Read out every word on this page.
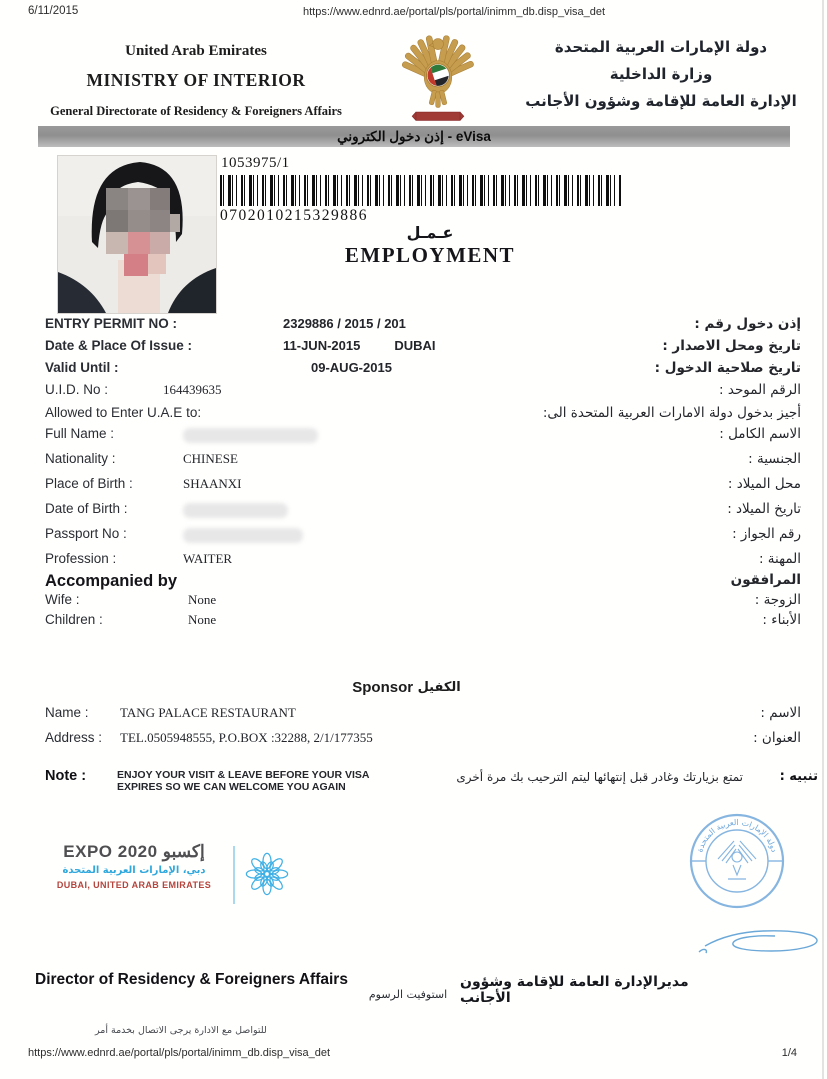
6/11/2015	https://www.ednrd.ae/portal/pls/portal/inimm_db.disp_visa_det
United Arab Emirates
MINISTRY OF INTERIOR
General Directorate of Residency & Foreigners Affairs
دولة الإمارات العربية المتحدة
وزارة الداخلية
الإدارة العامة للإقامة وشؤون الأجانب
إذن دخول الكتروني - eVisa
1053975/1
0702010215329886
عـمـل
EMPLOYMENT
ENTRY PERMIT NO :	2329886 / 2015 / 201	إذن دخول رقم :
Date & Place Of Issue :	11-JUN-2015	DUBAI	تاريخ ومحل الاصدار :
Valid Until :	09-AUG-2015	تاريخ صلاحية الدخول :
U.I.D. No :	164439635	الرقم الموحد :
Allowed to Enter U.A.E to:	أجيز بدخول دولة الامارات العربية المتحدة الى:
Full Name :	الاسم الكامل :
Nationality :	CHINESE	الجنسية :
Place of Birth :	SHAANXI	محل الميلاد :
Date of Birth :	تاريخ الميلاد :
Passport No :	رقم الجواز :
Profession :	WAITER	المهنة :
Accompanied by	المرافقون
Wife :	None	الزوجة :
Children :	None	الأبناء :
Sponsor الكفيل
Name :	TANG PALACE RESTAURANT	الاسم :
Address :	TEL.0505948555, P.O.BOX :32288, 2/1/177355	العنوان :
Note :	ENJOY YOUR VISIT & LEAVE BEFORE YOUR VISA
EXPIRES SO WE CAN WELCOME YOU AGAIN
تمتع بزيارتك وغادر قبل إنتهائها ليتم الترحيب بك مرة أخرى	تنبيه :
EXPO 2020 إكسبو
دبي، الإمارات العربية المتحدة
DUBAI, UNITED ARAB EMIRATES
دولة الإمارات العربية المتحدة
Director of Residency & Foreigners Affairs	مديرالإدارة العامة للإقامة وشؤون الأجانب
استوفيت الرسوم
للتواصل مع الادارة يرجى الاتصال بخدمة أمر
https://www.ednrd.ae/portal/pls/portal/inimm_db.disp_visa_det	1/4
